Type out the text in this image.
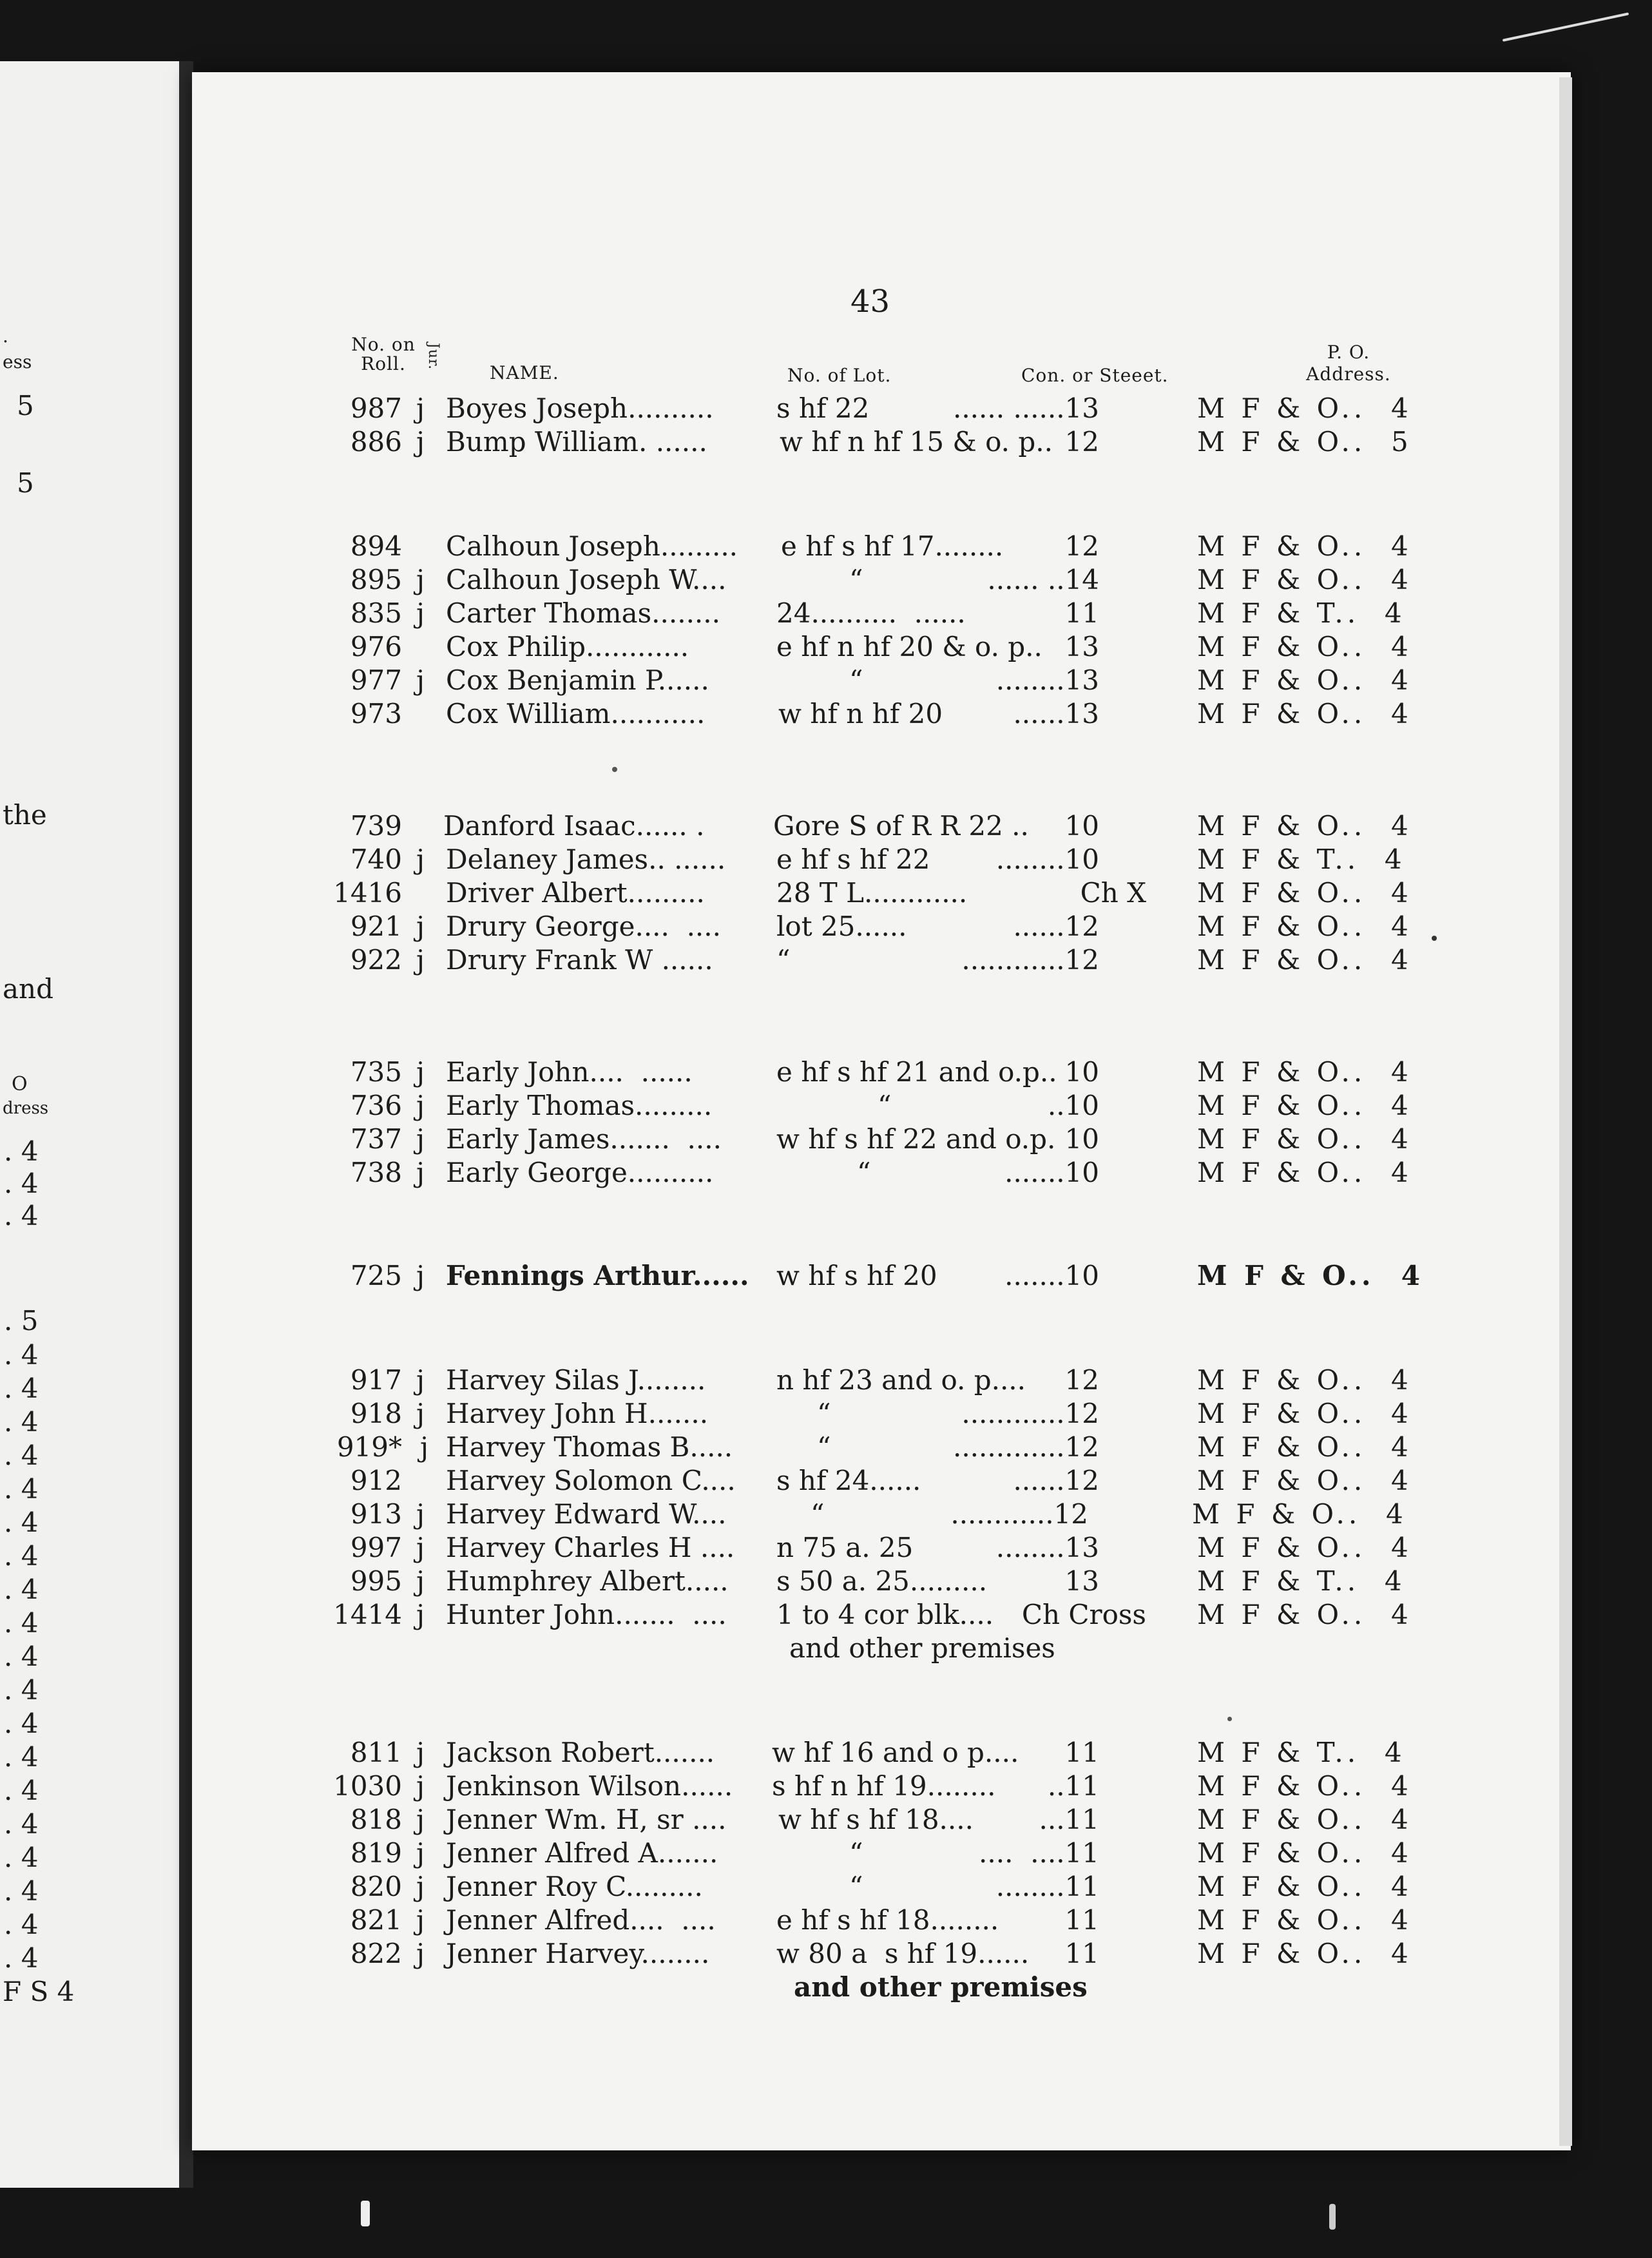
.
ess
5
5
the
and
O
dress
. 4
. 4
. 4
. 5
. 4
. 4
. 4
. 4
. 4
. 4
. 4
. 4
. 4
. 4
. 4
. 4
. 4
. 4
. 4
. 4
. 4
. 4
. 4
F S 4
43
No. on Roll.	Jur.
NAME.	No. of Lot.	Con. or Steeet.
P. O. Address.
987 j Boyes Joseph.......... s hf 22	...... ......13	M F & O..  4
886 j Bump William. ......	w hf n hf 15 & o. p.. 12	M F & O..  5
894 Calhoun Joseph......... e hf s hf 17........ 12	M F & O..  4
895 j Calhoun Joseph W....	“	...... ..14	M F & O..  4
835 j Carter Thomas........ 24..........  ......	11	M F & T..  4
976 Cox Philip............	e hf n hf 20 & o. p.. 13	M F & O..  4
977 j Cox Benjamin P......	“	........13	M F & O..  4
973 Cox William...........	w hf n hf 20	......13	M F & O..  4
739 Danford Isaac...... .	Gore S of R R 22 .. 10	M F & O..  4
740 j Delaney James.. ...... e hf s hf 22 ........10	M F & T..  4
1416 Driver Albert.........	28 T L............	Ch X M F & O..  4
921 j Drury George....  .... lot 25......	......12	M F & O..  4
922 j Drury Frank W ...... “	............12	M F & O..  4
735 j Early John....  ......	e hf s hf 21 and o.p.. 10	M F & O..  4
736 j Early Thomas.........	“	..10	M F & O..  4
737 j Early James.......  .... w hf s hf 22 and o.p. 10	M F & O..  4
738 j Early George..........	“	.......10	M F & O..  4
725 j Fennings Arthur...... w hf s hf 20 .......10	M F & O..  4
917 j Harvey Silas J........	n hf 23 and o. p.... 12	M F & O..  4
918 j Harvey John H.......	“	............12	M F & O..  4
919* j Harvey Thomas B.....	“	.............12	M F & O..  4
912 Harvey Solomon C.... s hf 24......	......12	M F & O..  4
913 j Harvey Edward W....	“	............12	M F & O..  4
997 j Harvey Charles H .... n 75 a. 25	........13	M F & O..  4
995 j Humphrey Albert..... s 50 a. 25.........	13	M F & T..  4
1414 j Hunter John.......  .... 1 to 4 cor blk.... Ch Cross M F & O..  4
and other premises
811 j Jackson Robert....... w hf 16 and o p.... 11	M F & T..  4
1030 j Jenkinson Wilson...... s hf n hf 19........ ..11	M F & O..  4
818 j Jenner Wm. H, sr .... w hf s hf 18.... ...11	M F & O..  4
819 j Jenner Alfred A.......	“	....  ....11	M F & O..  4
820 j Jenner Roy C.........	“	........11	M F & O..  4
821 j Jenner Alfred....  .... e hf s hf 18........ 11	M F & O..  4
822 j Jenner Harvey........ w 80 a  s hf 19...... 11	M F & O..  4
and other premises
